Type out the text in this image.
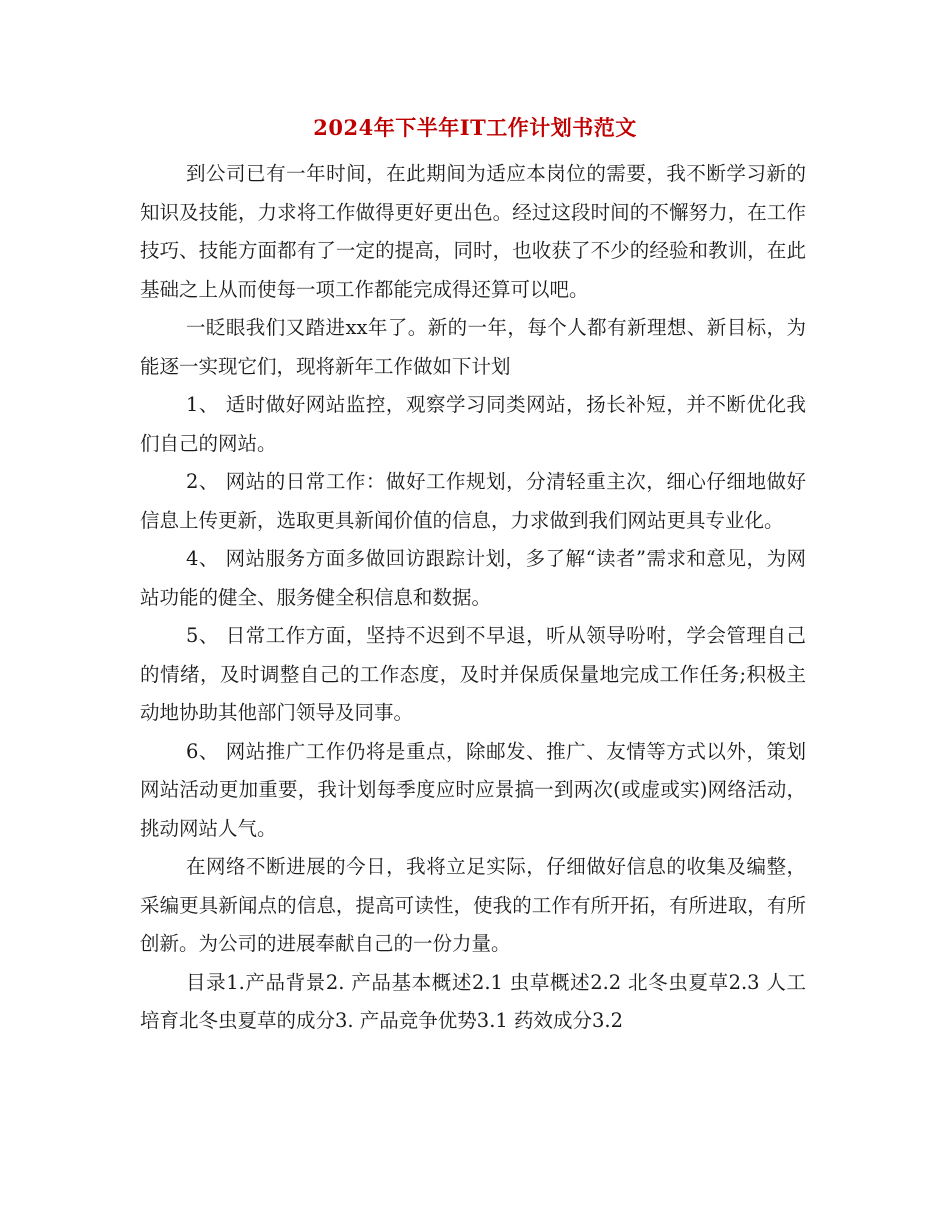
2024年下半年IT工作计划书范文

到公司已有一年时间，在此期间为适应本岗位的需要，我不断学习新的知识及技能，力求将工作做得更好更出色。经过这段时间的不懈努力，在工作技巧、技能方面都有了一定的提高，同时，也收获了不少的经验和教训，在此基础之上从而使每一项工作都能完成得还算可以吧。

一眨眼我们又踏进xx年了。新的一年，每个人都有新理想、新目标，为能逐一实现它们，现将新年工作做如下计划

1、 适时做好网站监控，观察学习同类网站，扬长补短，并不断优化我们自己的网站。

2、 网站的日常工作：做好工作规划，分清轻重主次，细心仔细地做好信息上传更新，选取更具新闻价值的信息，力求做到我们网站更具专业化。

4、 网站服务方面多做回访跟踪计划，多了解“读者”需求和意见，为网站功能的健全、服务健全积信息和数据。

5、 日常工作方面，坚持不迟到不早退，听从领导吩咐，学会管理自己的情绪，及时调整自己的工作态度，及时并保质保量地完成工作任务;积极主动地协助其他部门领导及同事。

6、 网站推广工作仍将是重点，除邮发、推广、友情等方式以外，策划网站活动更加重要，我计划每季度应时应景搞一到两次(或虚或实)网络活动，挑动网站人气。

在网络不断进展的今日，我将立足实际，仔细做好信息的收集及编整，采编更具新闻点的信息，提高可读性，使我的工作有所开拓，有所进取，有所创新。为公司的进展奉献自己的一份力量。

目录1.产品背景2. 产品基本概述2.1 虫草概述2.2 北冬虫夏草2.3 人工培育北冬虫夏草的成分3. 产品竞争优势3.1 药效成分3.2
